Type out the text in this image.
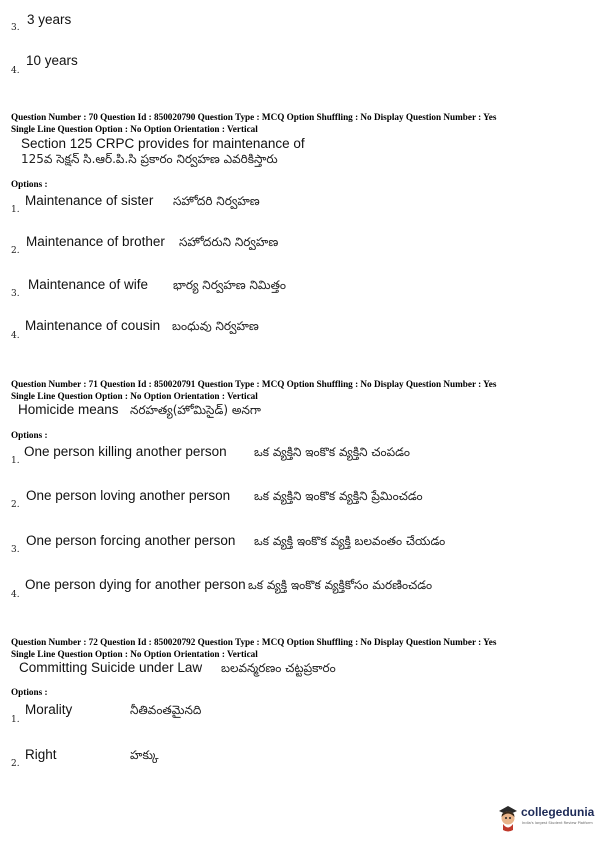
3.
3 years
4.
10 years
Question Number : 70 Question Id : 850020790 Question Type : MCQ Option Shuffling : No Display Question Number : Yes
Single Line Question Option : No Option Orientation : Vertical
Section 125 CRPC provides for maintenance of
125వ సెక్షన్ సి.ఆర్.పి.సి ప్రకారం నిర్వహణ ఎవరికిస్తారు
Options :
1.
Maintenance of sister సహోదరి నిర్వహణ
2.
Maintenance of brother సహోదరుని నిర్వహణ
3.
Maintenance of wife భార్య నిర్వహణ నిమిత్తం
4.
Maintenance of cousin బంధువు నిర్వహణ
Question Number : 71 Question Id : 850020791 Question Type : MCQ Option Shuffling : No Display Question Number : Yes
Single Line Question Option : No Option Orientation : Vertical
Homicide means నరహత్య(హోమిసైడ్) అనగా
Options :
1.
One person killing another person ఒక వ్యక్తిని ఇంకొక వ్యక్తిని చంపడం
2.
One person loving another person ఒక వ్యక్తిని ఇంకొక వ్యక్తిని ప్రేమించడం
3.
One person forcing another person ఒక వ్యక్తి ఇంకొక వ్యక్తి బలవంతం చేయడం
4.
One person dying for another person ఒక వ్యక్తి ఇంకొక వ్యక్తికోసం మరణించడం
Question Number : 72 Question Id : 850020792 Question Type : MCQ Option Shuffling : No Display Question Number : Yes
Single Line Question Option : No Option Orientation : Vertical
Committing Suicide under Law బలవన్మరణం చట్టప్రకారం
Options :
1.
Morality	నీతివంతమైనది
2.
Right	హక్కు
collegedunia
India's largest Student Review Platform
